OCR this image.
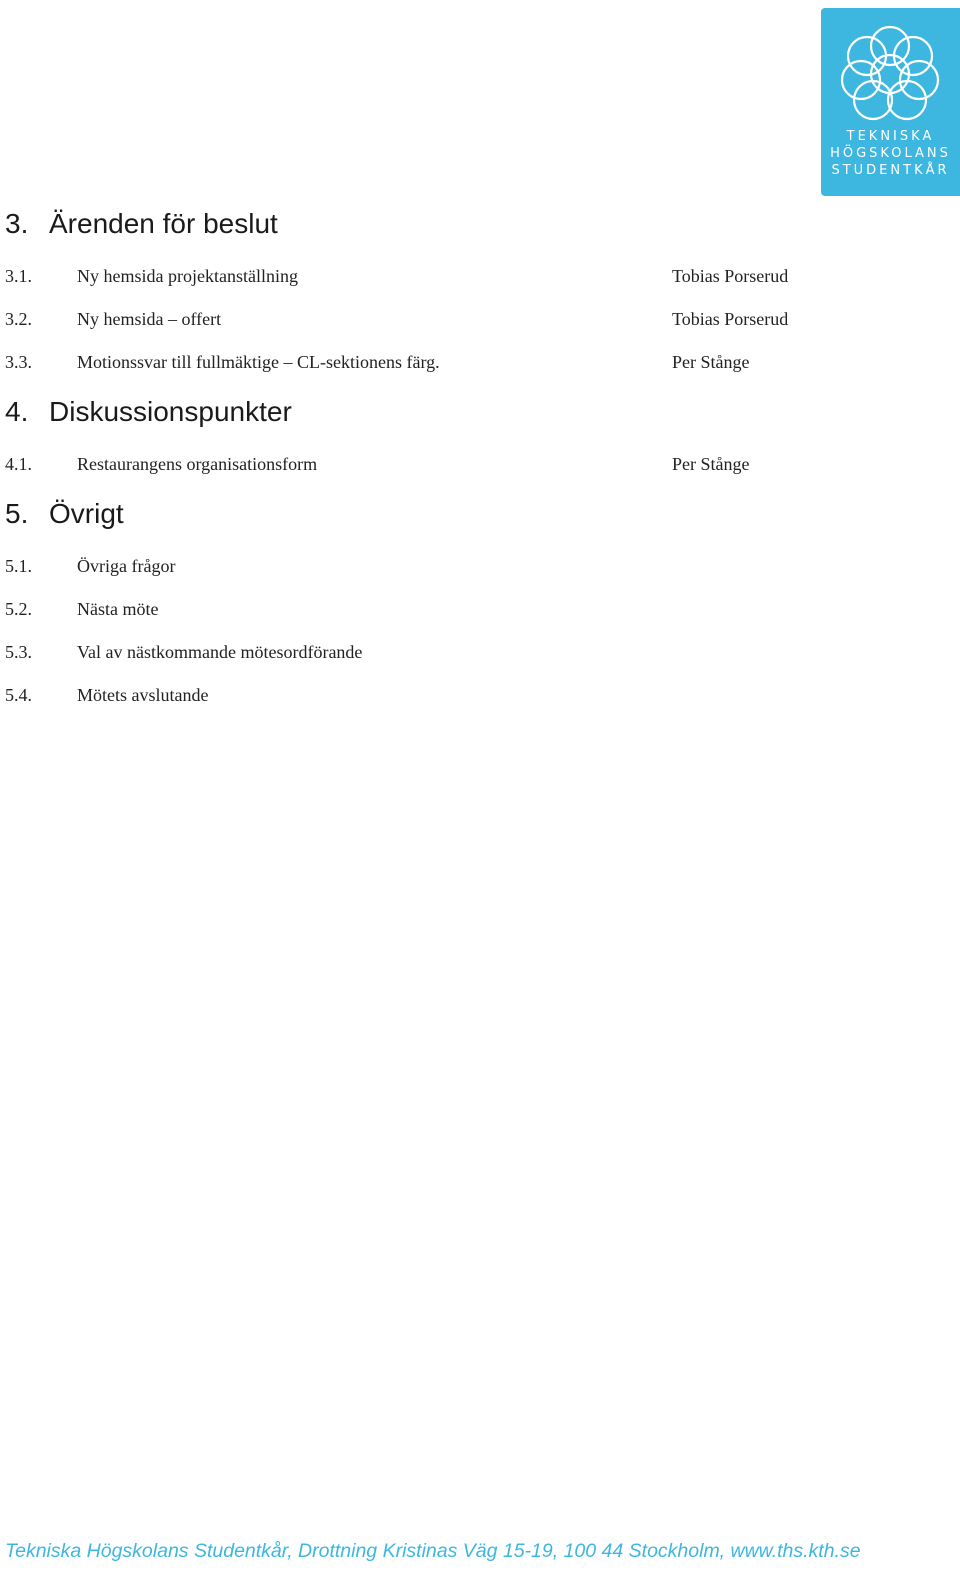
TEKNISKA
HÖGSKOLANS
STUDENTKÅR
3. Ärenden för beslut
3.1.	Ny hemsida projektanställning	Tobias Porserud
3.2.	Ny hemsida – offert	Tobias Porserud
3.3.	Motionssvar till fullmäktige – CL-sektionens färg.	Per Stånge
4. Diskussionspunkter
4.1.	Restaurangens organisationsform	Per Stånge
5. Övrigt
5.1.	Övriga frågor
5.2.	Nästa möte
5.3.	Val av nästkommande mötesordförande
5.4.	Mötets avslutande
Tekniska Högskolans Studentkår, Drottning Kristinas Väg 15-19, 100 44 Stockholm, www.ths.kth.se
